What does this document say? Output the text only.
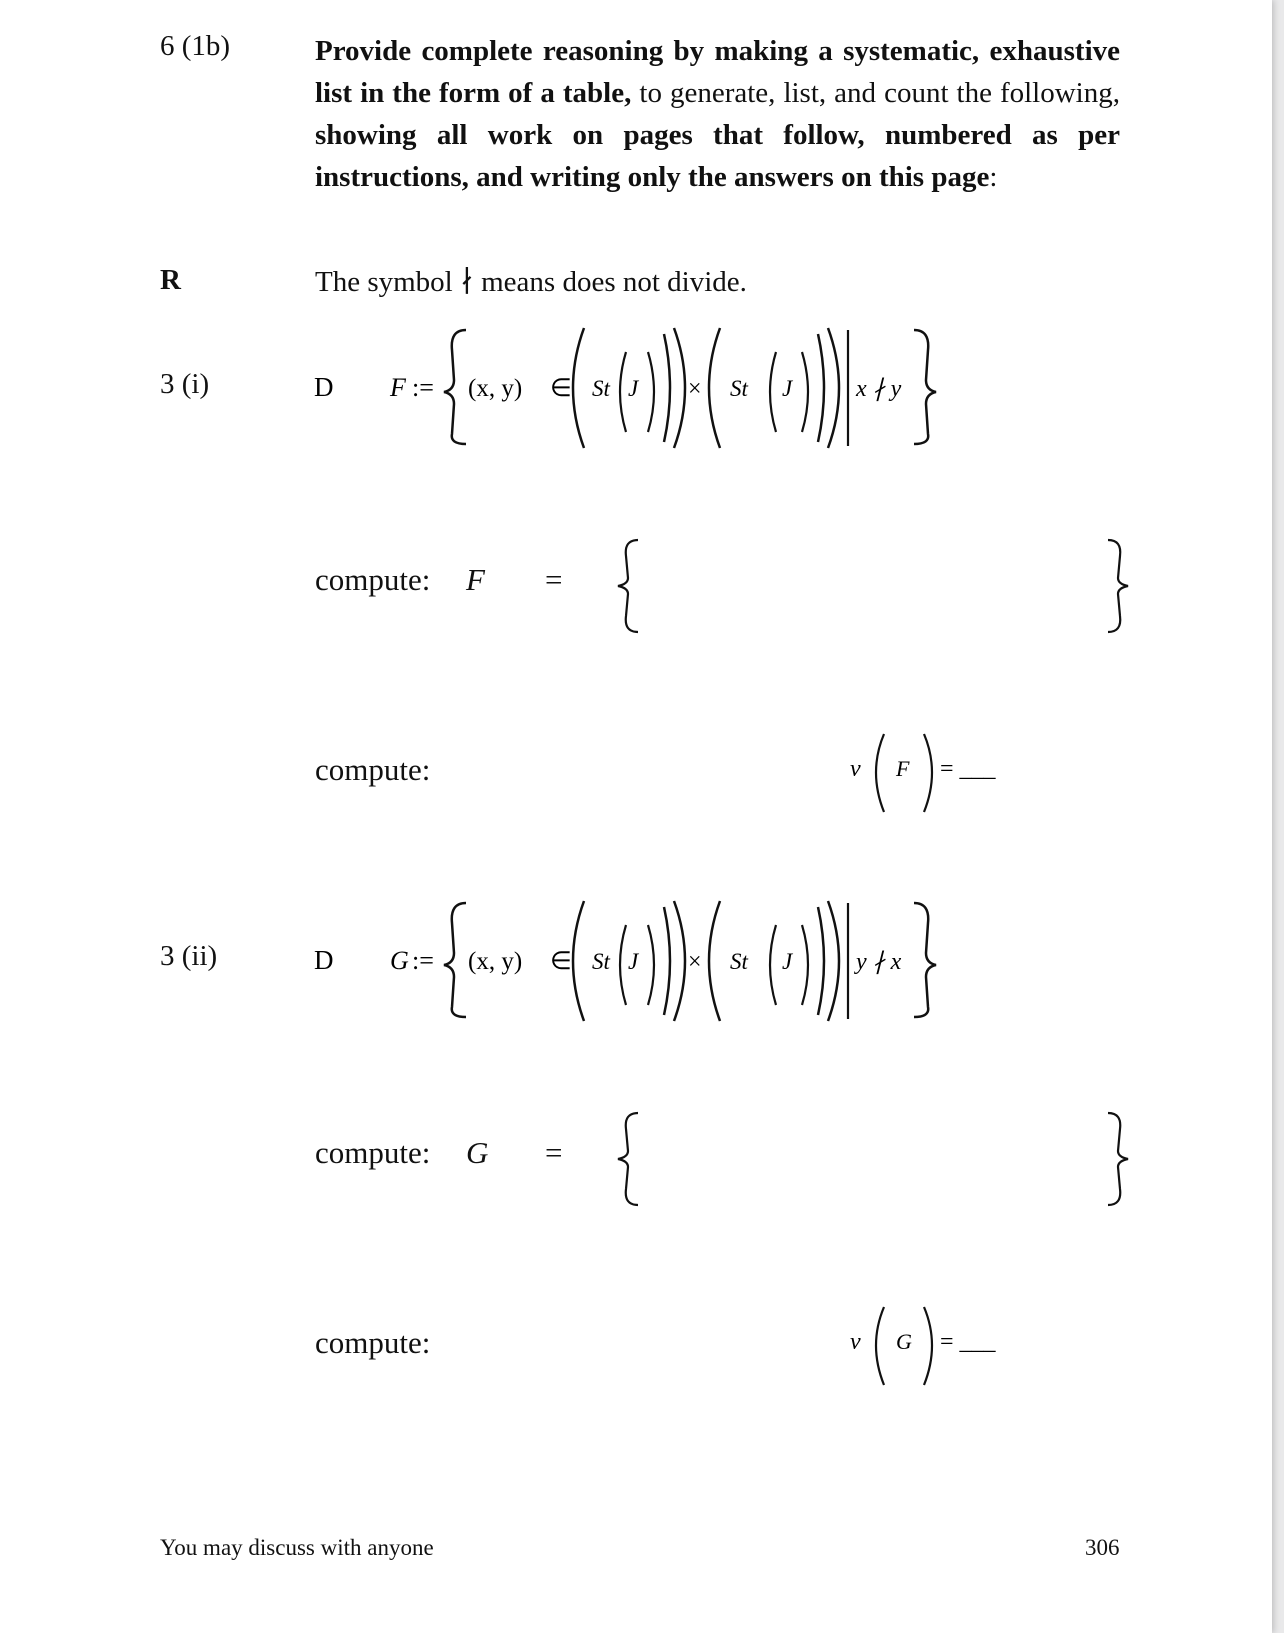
6 (1b)	Provide complete reasoning by making a systematic, exhaustive list in the form of a table, to generate, list, and count the following, showing all work on pages that follow, numbered as per instructions, and writing only the answers on this page:
R	The symbol ∤ means does not divide.
3 (i)	D F := (x, y) ∈ St J × St J	x ∤ y
compute: F =
compute:	ν F = ___
3 (ii)	D G := (x, y) ∈ St J × St J	y ∤ x
compute: G =
compute:	ν G = ___
You may discuss with anyone	306
